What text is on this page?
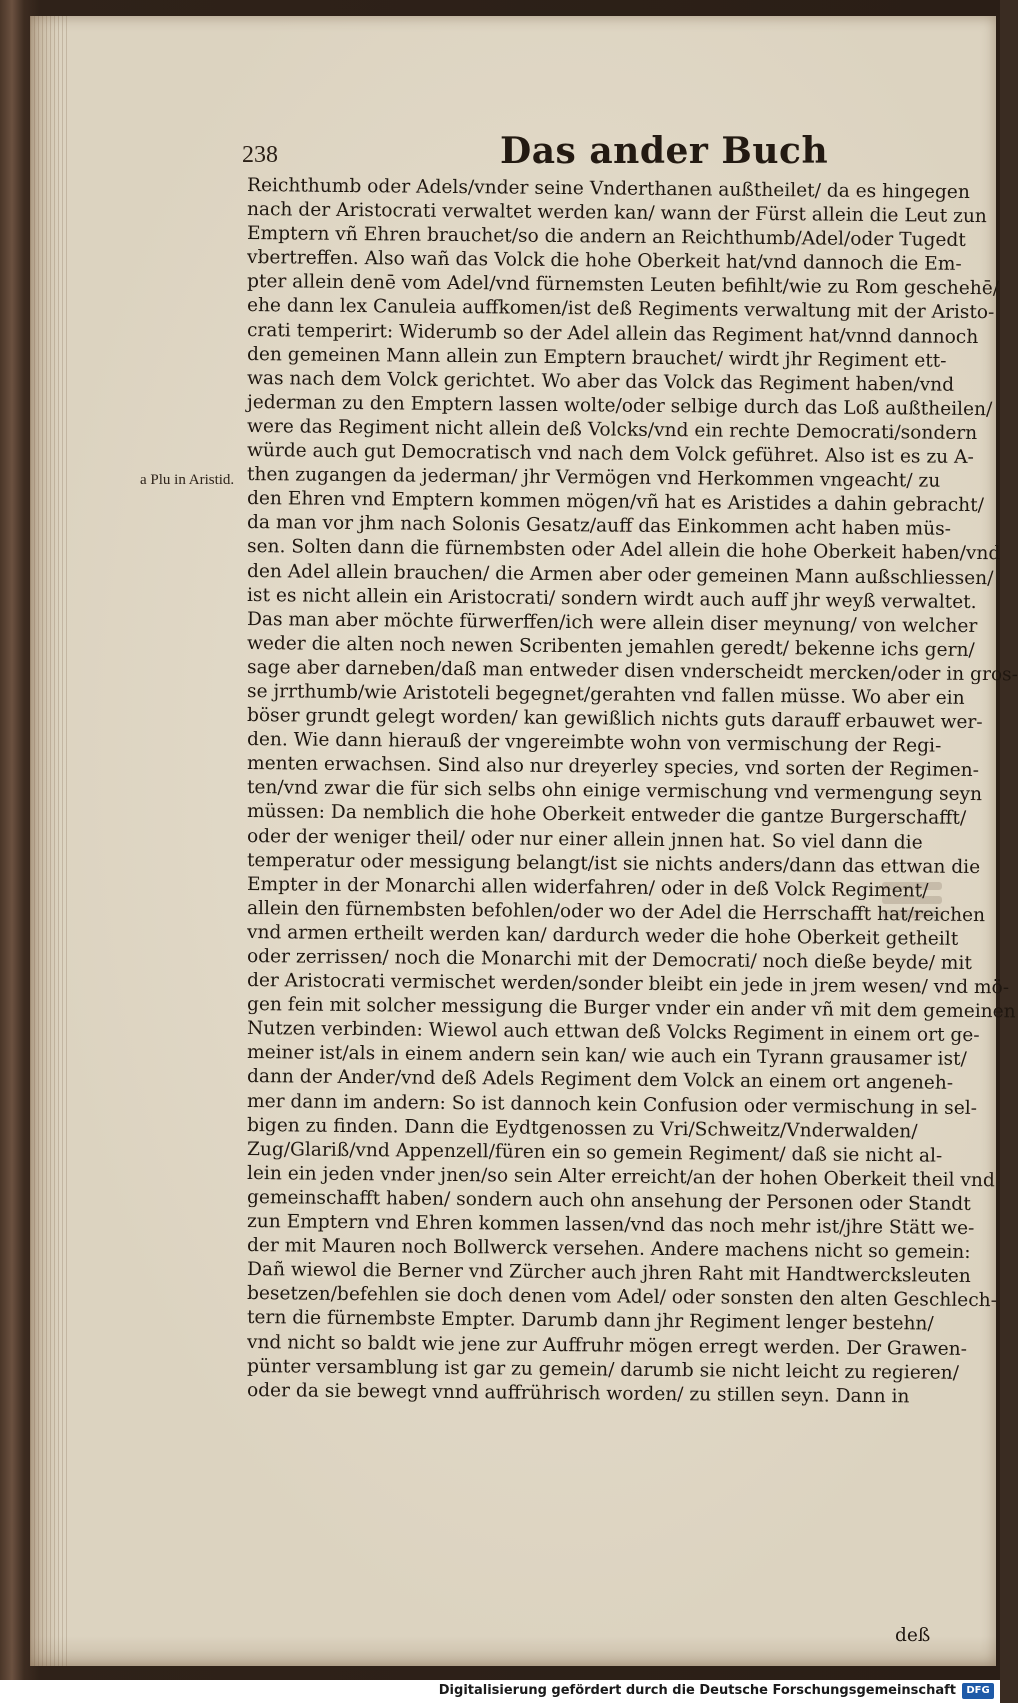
238	Das ander Buch
a Plu in Aristid.
Reichthumb oder Adels/vnder seine Vnderthanen außtheilet/ da es hingegen
nach der Aristocrati verwaltet werden kan/ wann der Fürst allein die Leut zun
Emptern vñ Ehren brauchet/so die andern an Reichthumb/Adel/oder Tugedt
vbertreffen. Also wañ das Volck die hohe Oberkeit hat/vnd dannoch die Em-
pter allein denē vom Adel/vnd fürnemsten Leuten befihlt/wie zu Rom geschehē/
ehe dann lex Canuleia auffkomen/ist deß Regiments verwaltung mit der Aristo-
crati temperirt: Widerumb so der Adel allein das Regiment hat/vnnd dannoch
den gemeinen Mann allein zun Emptern brauchet/ wirdt jhr Regiment ett-
was nach dem Volck gerichtet. Wo aber das Volck das Regiment haben/vnd
jederman zu den Emptern lassen wolte/oder selbige durch das Loß außtheilen/
were das Regiment nicht allein deß Volcks/vnd ein rechte Democrati/sondern
würde auch gut Democratisch vnd nach dem Volck geführet. Also ist es zu A-
then zugangen da jederman/ jhr Vermögen vnd Herkommen vngeacht/ zu
den Ehren vnd Emptern kommen mögen/vñ hat es Aristides a dahin gebracht/
da man vor jhm nach Solonis Gesatz/auff das Einkommen acht haben müs-
sen. Solten dann die fürnembsten oder Adel allein die hohe Oberkeit haben/vnd
den Adel allein brauchen/ die Armen aber oder gemeinen Mann außschliessen/
ist es nicht allein ein Aristocrati/ sondern wirdt auch auff jhr weyß verwaltet.
Das man aber möchte fürwerffen/ich were allein diser meynung/ von welcher
weder die alten noch newen Scribenten jemahlen geredt/ bekenne ichs gern/
sage aber darneben/daß man entweder disen vnderscheidt mercken/oder in gros-
se jrrthumb/wie Aristoteli begegnet/gerahten vnd fallen müsse. Wo aber ein
böser grundt gelegt worden/ kan gewißlich nichts guts darauff erbauwet wer-
den. Wie dann hierauß der vngereimbte wohn von vermischung der Regi-
menten erwachsen. Sind also nur dreyerley species, vnd sorten der Regimen-
ten/vnd zwar die für sich selbs ohn einige vermischung vnd vermengung seyn
müssen: Da nemblich die hohe Oberkeit entweder die gantze Burgerschafft/
oder der weniger theil/ oder nur einer allein jnnen hat. So viel dann die
temperatur oder messigung belangt/ist sie nichts anders/dann das ettwan die
Empter in der Monarchi allen widerfahren/ oder in deß Volck Regiment/
allein den fürnembsten befohlen/oder wo der Adel die Herrschafft hat/reichen
vnd armen ertheilt werden kan/ dardurch weder die hohe Oberkeit getheilt
oder zerrissen/ noch die Monarchi mit der Democrati/ noch dieße beyde/ mit
der Aristocrati vermischet werden/sonder bleibt ein jede in jrem wesen/ vnd mö-
gen fein mit solcher messigung die Burger vnder ein ander vñ mit dem gemeinen
Nutzen verbinden: Wiewol auch ettwan deß Volcks Regiment in einem ort ge-
meiner ist/als in einem andern sein kan/ wie auch ein Tyrann grausamer ist/
dann der Ander/vnd deß Adels Regiment dem Volck an einem ort angeneh-
mer dann im andern: So ist dannoch kein Confusion oder vermischung in sel-
bigen zu finden. Dann die Eydtgenossen zu Vri/Schweitz/Vnderwalden/
Zug/Glariß/vnd Appenzell/füren ein so gemein Regiment/ daß sie nicht al-
lein ein jeden vnder jnen/so sein Alter erreicht/an der hohen Oberkeit theil vnd
gemeinschafft haben/ sondern auch ohn ansehung der Personen oder Standt
zun Emptern vnd Ehren kommen lassen/vnd das noch mehr ist/jhre Stätt we-
der mit Mauren noch Bollwerck versehen. Andere machens nicht so gemein:
Dañ wiewol die Berner vnd Zürcher auch jhren Raht mit Handtwercksleuten
besetzen/befehlen sie doch denen vom Adel/ oder sonsten den alten Geschlech-
tern die fürnembste Empter. Darumb dann jhr Regiment lenger bestehn/
vnd nicht so baldt wie jene zur Auffruhr mögen erregt werden. Der Grawen-
pünter versamblung ist gar zu gemein/ darumb sie nicht leicht zu regieren/
oder da sie bewegt vnnd auffrührisch worden/ zu stillen seyn. Dann in
deß
Digitalisierung gefördert durch die Deutsche Forschungsgemeinschaft	DFG
